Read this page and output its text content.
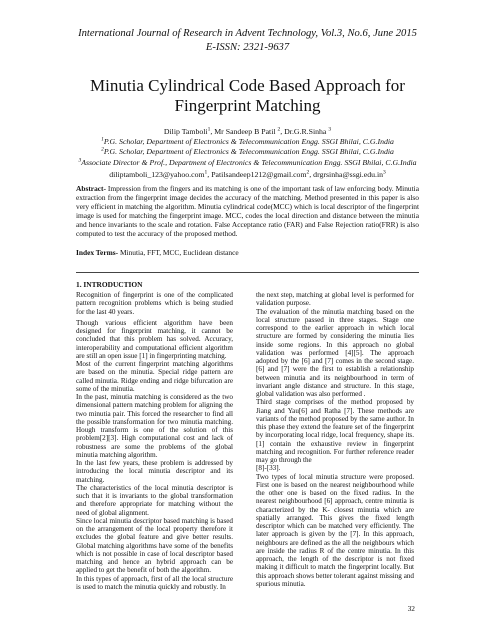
International Journal of Research in Advent Technology, Vol.3, No.6, June 2015
E-ISSN: 2321-9637
Minutia Cylindrical Code Based Approach for
Fingerprint Matching
Dilip Tamboli$^1$, Mr Sandeep B Patil $^2$, Dr.G.R.Sinha $^3$
$^1$P.G. Scholar, Department of Electronics & Telecommunication Engg. SSGI Bhilai, C.G.India
$^2$P.G. Scholar, Department of Electronics & Telecommunication Engg. SSGI Bhilai, C.G.India
$^3$Associate Director & Prof., Department of Electronics & Telecommunication Engg. SSGI Bhilai, C.G.India
diliptamboli_123@yahoo.com$^1$, Patilsandeep1212@gmail.com$^2$, $drgrsinha@ssgi.edu.in^3$
Abstract- Impression from the fingers and its matching is one of the important task of law enforcing body. Minutia extraction from the fingerprint image decides the accuracy of the matching. Method presented in this paper is also very efficient in matching the algorithm. Minutia cylindrical code(MCC) which is local descriptor of the fingerprint image is used for matching the fingerprint image. MCC, codes the local direction and distance between the minutia and hence invariants to the scale and rotation. False Acceptance ratio (FAR) and False Rejection ratio(FRR) is also computed to test the accuracy of the proposed method.
Index Terms- Minutia, FFT, MCC, Euclidean distance
1. INTRODUCTION

Recognition of fingerprint is one of the complicated pattern recognition problems which is being studied for the last 40 years.

Though various efficient algorithm have been designed for fingerprint matching, it cannot be concluded that this problem has solved. Accuracy, interoperability and computational efficient algorithm are still an open issue [1] in fingerprinting matching.

Most of the current fingerprint matching algorithms are based on the minutia. Special ridge pattern are called minutia. Ridge ending and ridge bifurcation are some of the minutia.

In the past, minutia matching is considered as the two dimensional pattern matching problem for aligning the two minutia pair. This forced the researcher to find all the possible transformation for two minutia matching. Hough transform is one of the solution of this problem[2][3]. High computational cost and lack of robustness are some the problems of the global minutia matching algorithm.

In the last few years, these problem is addressed by introducing the local minutia descriptor and its matching.

The characteristics of the local minutia descriptor is such that it is invariants to the global transformation and therefore appropriate for matching without the need of global alignment.

Since local minutia descriptor based matching is based on the arrangement of the local property therefore it excludes the global feature and give better results. Global matching algorithms have some of the benefits which is not possible in case of local descriptor based matching and hence an hybrid approach can be applied to get the benefit of both the algorithm.

In this types of approach, first of all the local structure is used to match the minutia quickly and robustly. In

the next step, matching at global level is performed for validation purpose.

The evaluation of the minutia matching based on the local structure passed in three stages. Stage one correspond to the earlier approach in which local structure are formed by considering the minutia lies inside some regions. In this approach no global validation was performed [4][5]. The approach adopted by the [6] and [7] comes in the second stage. [6] and [7] were the first to establish a relationship between minutia and its neighbourhood in term of invariant angle distance and structure. In this stage, global validation was also performed .

Third stage comprises of the method proposed by Jiang and Yau[6] and Ratha [7]. These methods are variants of the method proposed by the same author. In this phase they extend the feature set of the fingerprint by incorporating local ridge, local frequency, shape its. [1] contain the exhaustive review in fingerprint matching and recognition. For further reference reader may go through the

[8]-[33].

Two types of local minutia structure were proposed. First one is based on the nearest neighbourhood while the other one is based on the fixed radius. In the nearest neighbourhood [6] approach, centre minutia is characterized by the K- closest minutia which are spatially arranged. This gives the fixed length descriptor which can be matched very efficiently. The later approach is given by the [7]. In this approach, neighbours are defined as the all the neighbours which are inside the radius R of the centre minutia. In this approach, the length of the descriptor is not fixed making it difficult to match the fingerprint locally. But this approach shows better tolerant against missing and spurious minutia.

32
